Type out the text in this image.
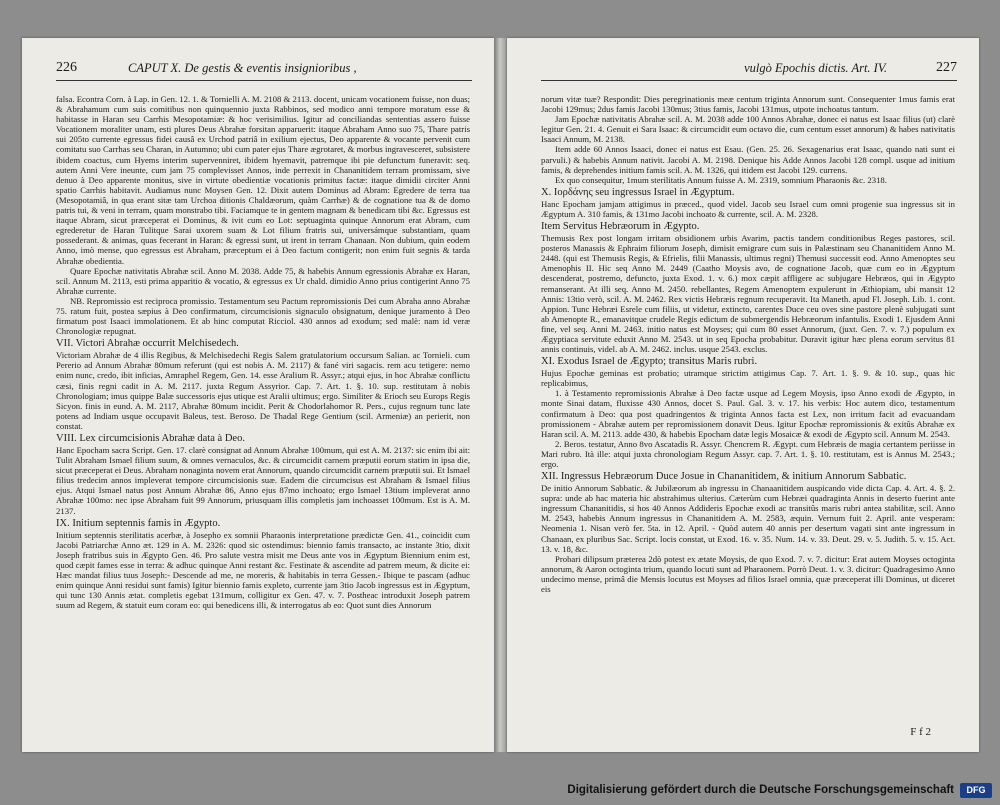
226	CAPUT X. De gestis & eventis insignioribus ,

falsa. Econtra Corn. à Lap. in Gen. 12. 1. & Tornielli A. M. 2108 & 2113. docent, unicam vocationem fuisse, non duas; & Abrahamum cum suis comitibus non quinquennio juxta Rabbinos, sed modico anni tempore moratum esse & habitasse in Haran seu Carrhis Mesopotamiæ: & hoc verisimilius. Igitur ad conciliandas sententias asserо fuisse Vocationem moraliter unam, esti plures Deus Abrahæ forsitan apparuerit: itaque Abraham Anno suo 75, Thare patris sui 205to currente egressus fidei causâ ex Urchod patriâ in exilium ejectus, Deo apparente & vocante pervenit cum comitatu suo Carrhas seu Charan, in Autumno; ubi cum pater ejus Thare ægrotaret, & morbus ingravesceret, subsistere ibidem coactus, cum Hyems interim supervenniret, ibidem hyemavit, patremque ibi pie defunctum funeravit: seq. autem Anni Vere ineunte, cum jam 75 complevisset Annos, inde perrexit in Chananitidem terram promissam, sive denuo à Deo apparente monitus, sive in virtute obedientiæ vocationis primitus factæ: itaque dimidii circiter Anni spatio Carrhis habitavit. Audiamus nunc Moysen Gen. 12. Dixit autem Dominus ad Abram: Egredere de terra tua (Mesopotamiâ, in qua erant sitæ tam Urchoa ditionis Chaldæorum, quàm Carrhæ) & de cognatione tua & de domo patris tui, & veni in terram, quam monstrabo tibi. Faciamque te in gentem magnam & benedicam tibi &c. Egressus est itaque Abram, sicut præceperat ei Dominus, & ivit cum eo Lot: septuaginta quinque Annorum erat Abram, cum egrederetur de Haran Tulitque Sarai uxorem suam & Lot filium fratris sui, universámque substantiam, quam possederant. & animas, quas fecerant in Haran: & egressi sunt, ut irent in terram Chanaan. Non dubium, quin eodem Anno, imò mense, quo egressus est Abraham, præceptum ei à Deo factum contigerit; non enim fuit segnis & tarda Abrahæ obedientia.

Quare Epochæ nativitatis Abrahæ scil. Anno M. 2038. Adde 75, & habebis Annum egressionis Abrahæ ex Haran, scil. Annum M. 2113, esti prima apparitio & vocatio, & egressus ex Ur chald. dimidio Anno prius contigerint Anno 75 Abrahæ currente.

NB. Repromissio est reciproca promissio. Testamentum seu Pactum repromissionis Dei cum Abraha anno Abrahæ 75. ratum fuit, postea sæpius à Deo confirmatum, circumcisionis signaculo obsignatum, denique juramento à Deo firmatum post Isaaci immolationem. Et ab hinc computat Ricciol. 430 annos ad exodum; sed malè: nam id veræ Chronologiæ repugnat.

VII. Victori Abrahæ occurrit Melchisedech.

Victoriam Abrahæ de 4 illis Regibus, & Melchisedechi Regis Salem gratulatorium occursum Salian. ac Tornieli. cum Pererio ad Annum Abrahæ 80mum referunt (qui est nobis A. M. 2117) & fané viri sagacis. rem acu tetigere: nemo enim nunc, credo, ibit inficias, Amraphel Regem, Gen. 14. esse Aralium R. Assyr.; atqui ejus, in hoc Abrahæ conflictu cæsi, finis regni cadit in A. M. 2117. juxta Regum Assyrior. Cap. 7. Art. 1. §. 10. sup. restitutam à nobis Chronologiam; imus quippe Balæ successoris ejus utique est Aralii ultimus; ergo. Similiter & Erioch seu Europs Regis Sicyon. finis in eund. A. M. 2117, Abrahæ 80mum incidit. Perit & Chodorlahomor R. Pers., cujus regnum tunc late potens ad Indiam usque occupavit Baleus, test. Beroso. De Thadal Rege Gentium (scil. Armeniæ) an perierit, non constat.

VIII. Lex circumcisionis Abrahæ data à Deo.

Hanc Epocham sacra Script. Gen. 17. clarè consignat ad Annum Abrahæ 100mum, qui est A. M. 2137: sic enim ibi ait: Tulit Abraham Ismael filium suum, & omnes vernaculos, &c. & circumcidit carnem præputii eorum statim in ipsa die, sicut præceperat ei Deus. Abraham nonaginta novem erat Annorum, quando circumcidit carnem præputii sui. Et Ismael filius tredecim annos impleverat tempore circumcisionis suæ. Eadem die circumcisus est Abraham & Ismael filius ejus. Atqui Ismael natus post Annum Abrahæ 86, Anno ejus 87mo inchoato; ergo Ismael 13tium impleverat anno Abrahæ 100mo: nec ipse Abraham fuit 99 Annorum, priusquam illis completis jam inchoasset 100mum. Est is A. M. 2137.

IX. Initium septennis famis in Ægypto.

Initium septennis sterilitatis acerbæ, à Josepho ex somnii Pharaonis interpretatione prædictæ Gen. 41., coincidit cum Jacobi Patriarchæ Anno æt. 129 in A. M. 2326: quod sic ostendimus: biennio famis transacto, ac instante 3tio, dixit Joseph fratribus suis in Ægypto Gen. 46. Pro salute vestra misit me Deus ante vos in Ægyptum Biennium enim est, quod cæpit fames esse in terra: & adhuc quinque Anni restant &c. Festinate & ascendite ad patrem meum, & dicite ei: Hæc mandat filius tuus Joseph:- Descende ad me, ne moreris, & habitabis in terra Gessen.- Ibique te pascam (adhuc enim quinque Anni residui sunt famis) Igitur biennio famis expleto, currente jam 3tio Jacob ingressus est in Ægyptum, qui tunc 130 Annis ætat. completis egebat 131mum, colligitur ex Gen. 47. v. 7. Postheac introduxit Joseph patrem suum ad Regem, & statuit eum coram eo: qui benedicens illi, & interrogatus ab eo: Quot sunt dies Annorum

vulgò Epochis dictis. Art. IV.	227

norum vitæ tuæ? Respondit: Dies peregrinationis meæ centum triginta Annorum sunt. Consequenter 1mus famis erat Jacobi 129mus; 2dus famis Jacobi 130mus; 3tius famis, Jacobi 131mus, utpote inchoatus tantum.

Jam Epochæ nativitatis Abrahæ scil. A. M. 2038 adde 100 Annos Abrahæ, donec ei natus est Isaac filius (ut) clarè legitur Gen. 21. 4. Genuit ei Sara Isaac: & circumcidit eum octavo die, cum centum esset annorum) & habes nativitatis Isaaci Annum, M. 2138.

Item adde 60 Annos Isaaci, donec ei natus est Esau. (Gen. 25. 26. Sexagenarius erat Isaac, quando nati sunt ei parvuli.) & habebis Annum nativit. Jacobi A. M. 2198. Denique his Adde Annos Jacobi 128 compl. usque ad initium famis, & deprehendes initium famis scil. A. M. 1326, qui itidem est Jacobi 129. currens.

Ex quo consequitur, 1mum sterilitatis Annum fuisse A. M. 2319, somnium Pharaonis &c. 2318.

X. Ιορδάνης seu ingressus Israel in Ægyptum.

Hanc Epocham jamjam attigimus in præced., quod videl. Jacob seu Israel cum omni progenie sua ingressus sit in Ægyptum A. 310 famis, & 131mo Jacobi inchoato & currente, scil. A. M. 2328.

Item Servitus Hebræorum in Ægypto.

Themusis Rex post longam irritam obsidionem urbis Avarim, pactis tandem conditionibus Reges pastores, scil. posteros Manassis & Ephraim filiorum Joseph, dimisit emigrare cum suis in Palæstinam seu Chananitidem Anno M. 2448. (qui est Themusis Regis, & Efrielis, filii Manassis, ultimus regni) Themusi successit eod. Anno Amenoptes seu Amenophis II. Hic seq Anno M. 2449 (Caatho Moysis avo, de cognatione Jacob, quæ cum eo in Ægyptum descenderat, postremo, defuncto, juxta Exod. 1. v. 6.) mox cæpit affligere ac subjugare Hebræos, qui in Ægypto remanserant. At illi seq. Anno M. 2450. rebellantes, Regem Amenoptem expulerunt in Æthiopiam, ubi mansit 12 Annis: 13tio verò, scil. A. M. 2462. Rex victis Hebræis regnum recuperavit. Ita Maneth. apud Fl. Joseph. Lib. 1. cont. Appion. Tunc Hebræi Esrele cum filiis, ut videtur, extincto, carentes Duce ceu oves sine pastore plenè subjugati sunt ab Amenopte R., emanavitque crudele Regis edictum de submergendis Hebræorum infantulis. Exodi 1. Ejusdem Anni fine, vel seq. Anni M. 2463. initio natus est Moyses; qui cum 80 esset Annorum, (juxt. Gen. 7. v. 7.) populum ex Ægyptiaca servitute eduxit Anno M. 2543. ut in seq Epocha probabitur. Duravit igitur hæc plena eorum servitus 81 annis continuis, videl. ab A. M. 2462. inclus. usque 2543. exclus.

XI. Exodus Israel de Ægypto; transitus Maris rubri.

Hujus Epochæ geminas est probatio; utramque strictim attigimus Cap. 7. Art. 1. §. 9. & 10. sup., quas hic replicabimus,

1. à Testamento repromissionis Abrahæ à Deo factæ usque ad Legem Moysis, ipso Anno exodi de Ægypto, in monte Sinai datam, fluxisse 430 Annos, docet S. Paul. Gal. 3. v. 17. his verbis: Hoc autem dico, testamentum confirmatum à Deo: qua post quadringentos & triginta Annos facta est Lex, non irritum facit ad evacuandam promissionem - Abrahæ autem per repromissionem donavit Deus. Igitur Epochæ repromissionis & exitûs Abrahæ ex Haran scil. A. M. 2113. adde 430, & habebis Epocham datæ legis Mosaicæ & exodi de Ægypto scil. Annum M. 2543.

2. Beros. testatur, Anno 8vo Ascatadis R. Assyr. Chencrem R. Ægypt. cum Hebræis de magia certantem periisse in Mari rubro. Ità ille: atqui juxta chronologiam Regum Assyr. cap. 7. Art. 1. §. 10. restitutam, est is Annus M. 2543.; ergo.

XII. Ingressus Hebræorum Duce Josue in Chananitidem, & initium Annorum Sabbatic.

De initio Annorum Sabbatic. & Jubilæorum ab ingressu in Chanaanitidem auspicando vide dicta Cap. 4. Art. 4. §. 2. supra: unde ab hac materia hic abstrahimus ulterius. Cæterùm cum Hebræi quadraginta Annis in deserto fuerint ante ingressum Chananitidis, si hos 40 Annos Addideris Epochæ exodi ac transitûs maris rubri antea stabilitæ, scil. Anno M. 2543, habebis Annum ingressus in Chananitidem A. M. 2583, æquin. Vernum fuit 2. April. ante vesperam: Neomenia 1. Nisan verò fer. 5ta. in 12. April. - Quòd autem 40 annis per desertum vagati sint ante ingressum in Chanaan, ex pluribus Sac. Script. locis constat, ut Exod. 16. v. 35. Num. 14. v. 33. Deut. 29. v. 5. Judith. 5. v. 15. Act. 13. v. 18, &c.

Probari dilipsum præterea 2dò potest ex ætate Moysis, de quo Exod. 7. v. 7. dicitur: Erat autem Moyses octoginta annorum, & Aaron octoginta trium, quando locuti sunt ad Pharaonem. Porrò Deut. 1. v. 3. dicitur: Quadragesimo Anno undecimo mense, primâ die Mensis locutus est Moyses ad filios Israel omnia, quæ præceperat illi Dominus, ut diceret eis

F f 2
Digitalisierung gefördert durch die Deutsche Forschungsgemeinschaft	DFG
